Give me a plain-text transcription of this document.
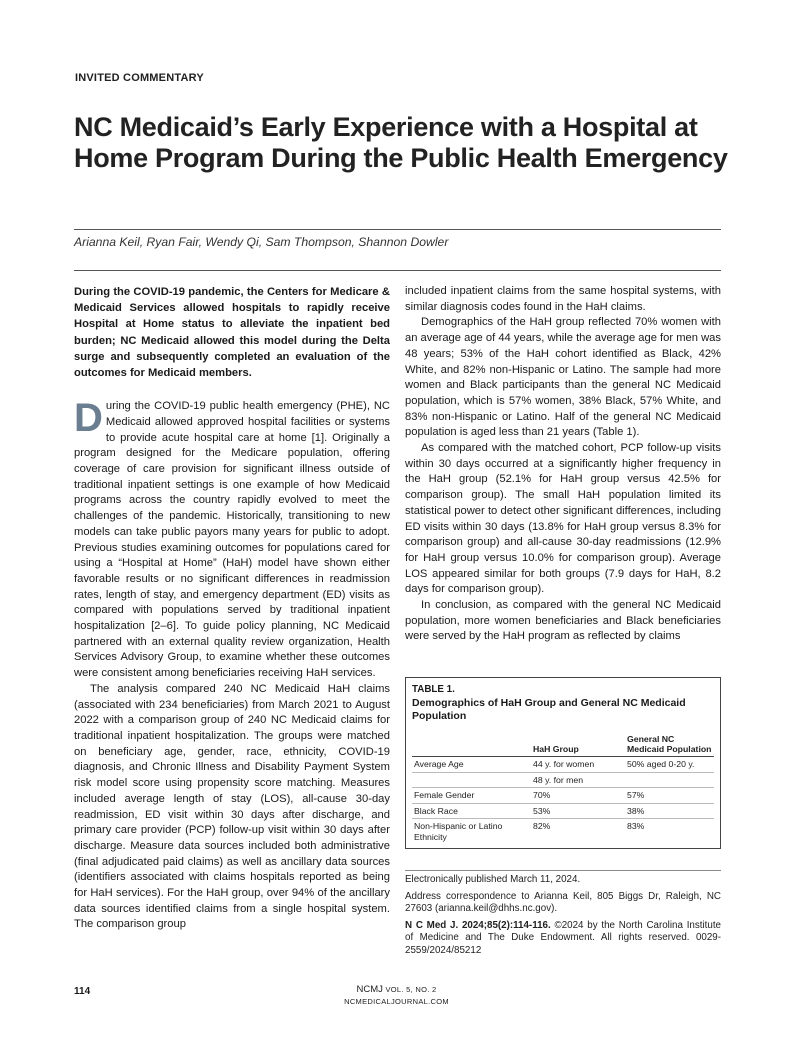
INVITED COMMENTARY
NC Medicaid’s Early Experience with a Hospital at Home Program During the Public Health Emergency
Arianna Keil, Ryan Fair, Wendy Qi, Sam Thompson, Shannon Dowler

During the COVID-19 pandemic, the Centers for Medicare & Medicaid Services allowed hospitals to rapidly receive Hospital at Home status to alleviate the inpatient bed burden; NC Medicaid allowed this model during the Delta surge and subsequently completed an evaluation of the outcomes for Medicaid members.

During the COVID-19 public health emergency (PHE), NC Medicaid allowed approved hospital facilities or systems to provide acute hospital care at home [1]. Originally a program designed for the Medicare population, offering coverage of care provision for significant illness outside of traditional inpatient settings is one example of how Medicaid programs across the country rapidly evolved to meet the challenges of the pandemic. Historically, transitioning to new models can take public payors many years for public to adopt. Previous studies examining outcomes for populations cared for using a “Hospital at Home” (HaH) model have shown either favorable results or no significant differences in readmission rates, length of stay, and emergency department (ED) visits as compared with populations served by traditional inpatient hospitalization [2–6]. To guide policy planning, NC Medicaid partnered with an external quality review organization, Health Services Advisory Group, to examine whether these outcomes were consistent among beneficiaries receiving HaH services.

The analysis compared 240 NC Medicaid HaH claims (associated with 234 beneficiaries) from March 2021 to August 2022 with a comparison group of 240 NC Medicaid claims for traditional inpatient hospitalization. The groups were matched on beneficiary age, gender, race, ethnicity, COVID-19 diagnosis, and Chronic Illness and Disability Payment System risk model score using propensity score matching. Measures included average length of stay (LOS), all-cause 30-day readmission, ED visit within 30 days after discharge, and primary care provider (PCP) follow-up visit within 30 days after discharge. Measure data sources included both administrative (final adjudicated paid claims) as well as ancillary data sources (identifiers associated with claims hospitals reported as being for HaH services). For the HaH group, over 94% of the ancillary data sources identified claims from a single hospital system. The comparison group

included inpatient claims from the same hospital systems, with similar diagnosis codes found in the HaH claims.

Demographics of the HaH group reflected 70% women with an average age of 44 years, while the average age for men was 48 years; 53% of the HaH cohort identified as Black, 42% White, and 82% non-Hispanic or Latino. The sample had more women and Black participants than the general NC Medicaid population, which is 57% women, 38% Black, 57% White, and 83% non-Hispanic or Latino. Half of the general NC Medicaid population is aged less than 21 years (Table 1).

As compared with the matched cohort, PCP follow-up visits within 30 days occurred at a significantly higher frequency in the HaH group (52.1% for HaH group versus 42.5% for comparison group). The small HaH population limited its statistical power to detect other significant differences, including ED visits within 30 days (13.8% for HaH group versus 8.3% for comparison group) and all-cause 30-day readmissions (12.9% for HaH group versus 10.0% for comparison group). Average LOS appeared similar for both groups (7.9 days for HaH, 8.2 days for comparison group).

In conclusion, as compared with the general NC Medicaid population, more women beneficiaries and Black beneficiaries were served by the HaH program as reflected by claims

TABLE 1.
Demographics of HaH Group and General NC Medicaid Population
	HaH Group	General NC Medicaid Population
Average Age	44 y. for women	50% aged 0-20 y.
	48 y. for men	
Female Gender	70%	57%
Black Race	53%	38%
Non-Hispanic or Latino Ethnicity	82%	83%

Electronically published March 11, 2024.

Address correspondence to Arianna Keil, 805 Biggs Dr, Raleigh, NC 27603 (arianna.keil@dhhs.nc.gov).

N C Med J. 2024;85(2):114-116. ©2024 by the North Carolina Institute of Medicine and The Duke Endowment. All rights reserved. 0029-2559/2024/85212

114	NCMJ VOL. 5, NO. 2
NCMEDICALJOURNAL.COM
